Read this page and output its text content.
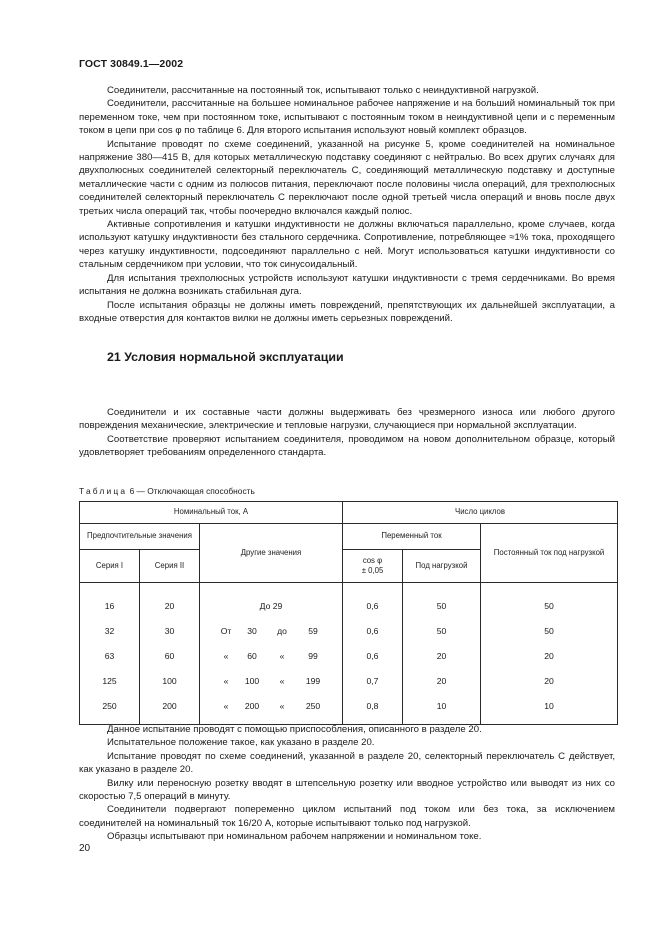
ГОСТ 30849.1—2002

Соединители, рассчитанные на постоянный ток, испытывают только с неиндуктивной нагрузкой.

Соединители, рассчитанные на большее номинальное рабочее напряжение и на больший номинальный ток при переменном токе, чем при постоянном токе, испытывают с постоянным током в неиндуктивной цепи и с переменным током в цепи при cos φ по таблице 6. Для второго испытания используют новый комплект образцов.

Испытание проводят по схеме соединений, указанной на рисунке 5, кроме соединителей на номинальное напряжение 380—415 В, для которых металлическую подставку соединяют с нейтралью. Во всех других случаях для двухполюсных соединителей селекторный переключатель С, соединяющий металлическую подставку и доступные металлические части с одним из полюсов питания, переключают после половины числа операций, для трехполюсных соединителей селекторный переключатель С переключают после одной третьей числа операций и вновь после двух третьих числа операций так, чтобы поочередно включался каждый полюс.

Активные сопротивления и катушки индуктивности не должны включаться параллельно, кроме случаев, когда используют катушку индуктивности без стального сердечника. Сопротивление, потребляющее ≈1% тока, проходящего через катушку индуктивности, подсоединяют параллельно с ней. Могут использоваться катушки индуктивности со стальным сердечником при условии, что ток синусоидальный.

Для испытания трехполюсных устройств используют катушки индуктивности с тремя сердечниками. Во время испытания не должна возникать стабильная дуга.

После испытания образцы не должны иметь повреждений, препятствующих их дальнейшей эксплуатации, а входные отверстия для контактов вилки не должны иметь серьезных повреждений.

21 Условия нормальной эксплуатации

Соединители и их составные части должны выдерживать без чрезмерного износа или любого другого повреждения механические, электрические и тепловые нагрузки, случающиеся при нормальной эксплуатации.

Соответствие проверяют испытанием соединителя, проводимом на новом дополнительном образце, который удовлетворяет требованиям определенного стандарта.

Таблица 6 — Отключающая способность
Номинальный ток, А			Число циклов		
Предпочтительные значения		Другие значения	Переменный ток		Постоянный ток под нагрузкой
Серия I	Серия II		cos φ
± 0,05	Под нагрузкой	
16	20	До 29	0,6	50	50
32	30	От 30 до 59	0,6	50	50
63	60	« 60 « 99	0,6	20	20
125	100	« 100 « 199	0,7	20	20
250	200	« 200 « 250	0,8	10	10

Данное испытание проводят с помощью приспособления, описанного в разделе 20.

Испытательное положение такое, как указано в разделе 20.

Испытание проводят по схеме соединений, указанной в разделе 20, селекторный переключатель С действует, как указано в разделе 20.

Вилку или переносную розетку вводят в штепсельную розетку или вводное устройство или выводят из них со скоростью 7,5 операций в минуту.

Соединители подвергают попеременно циклом испытаний под током или без тока, за исключением соединителей на номинальный ток 16/20 А, которые испытывают только под нагрузкой.

Образцы испытывают при номинальном рабочем напряжении и номинальном токе.

20
